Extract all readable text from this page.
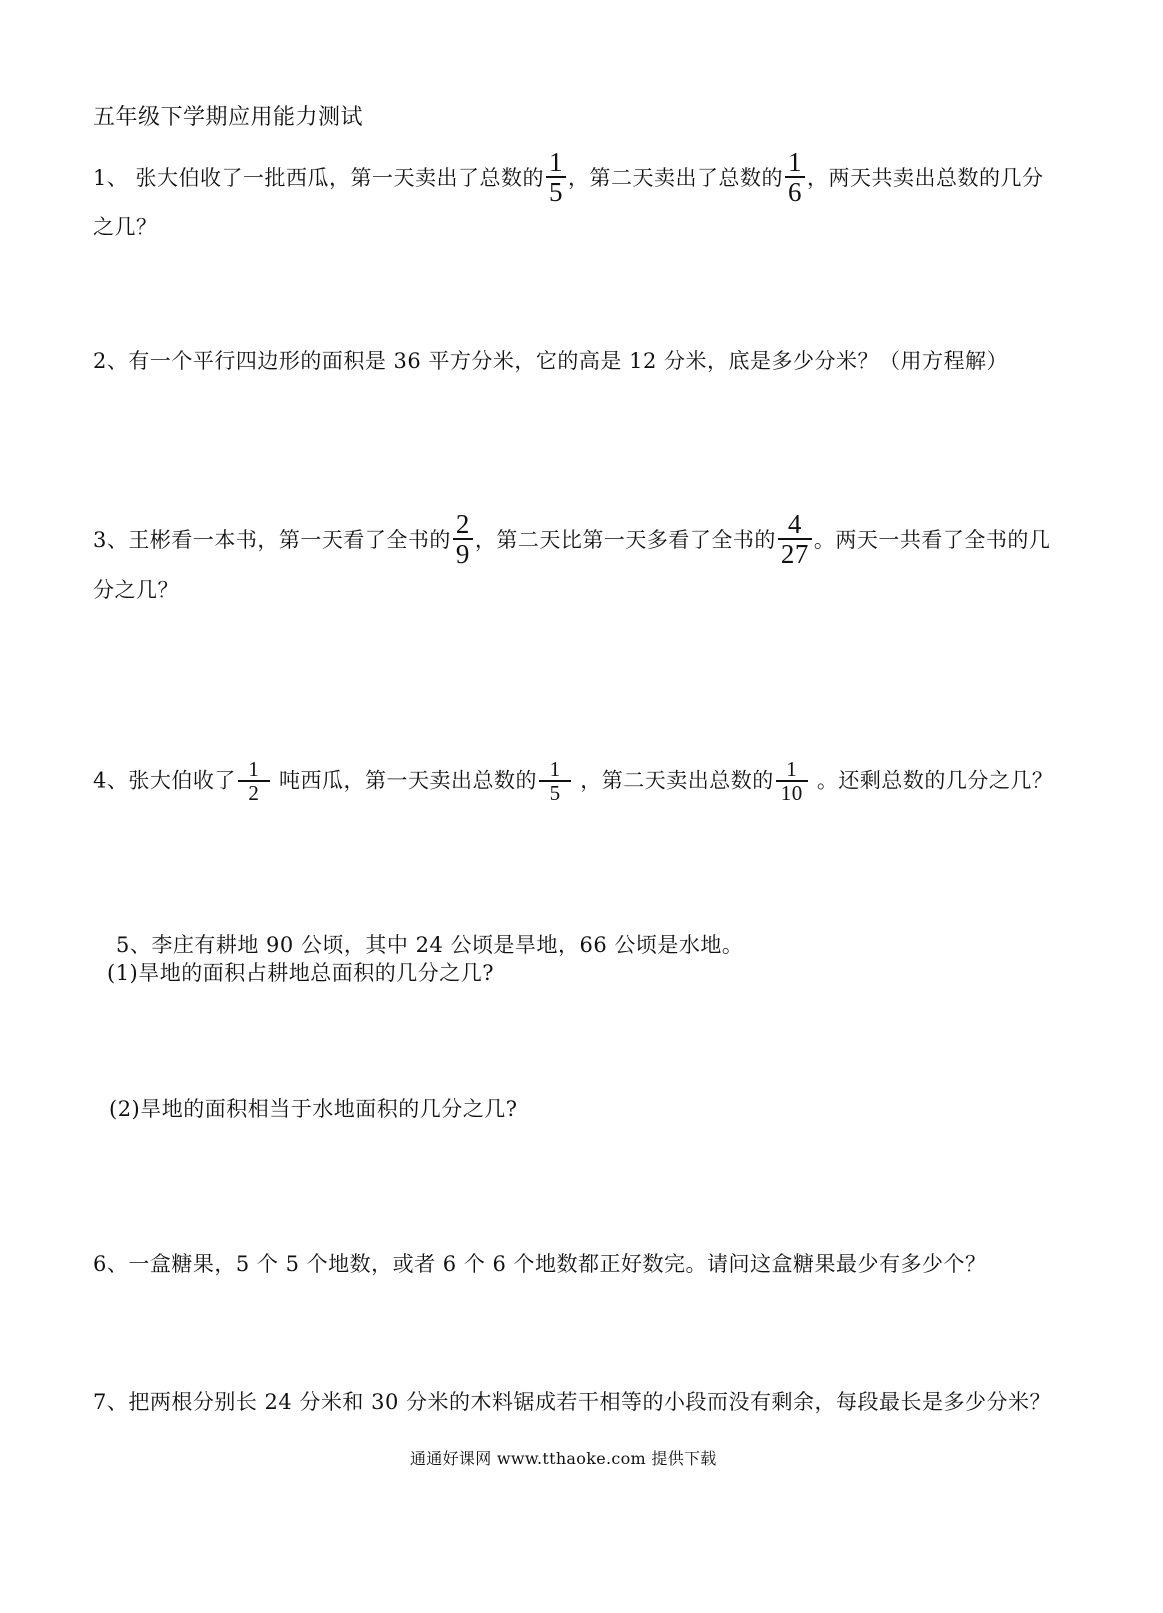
五年级下学期应用能力测试
1、 张大伯收了一批西瓜，第一天卖出了总数的 $\frac{1}{5}$ ，第二天卖出了总数的 $\frac{1}{6}$ ，两天共卖出总数的几分
之几？
2、有一个平行四边形的面积是 36 平方分米，它的高是 12 分米，底是多少分米？（用方程解）
3、王彬看一本书，第一天看了全书的 $\frac{2}{9}$ ，第二天比第一天多看了全书的 $\frac{4}{27}$ 。两天一共看了全书的几
分之几？
4、张大伯收了 $\frac{1}{2}$ 吨西瓜，第一天卖出总数的 $\frac{1}{5}$ ，第二天卖出总数的 $\frac{1}{10}$ 。还剩总数的几分之几？
5、李庄有耕地 90 公顷，其中 24 公顷是旱地，66 公顷是水地。
(1)旱地的面积占耕地总面积的几分之几?
(2)旱地的面积相当于水地面积的几分之几?
6、一盒糖果，5 个 5 个地数，或者 6 个 6 个地数都正好数完。请问这盒糖果最少有多少个？
7、把两根分别长 24 分米和 30 分米的木料锯成若干相等的小段而没有剩余，每段最长是多少分米？
通通好课网 www.tthaoke.com 提供下载
